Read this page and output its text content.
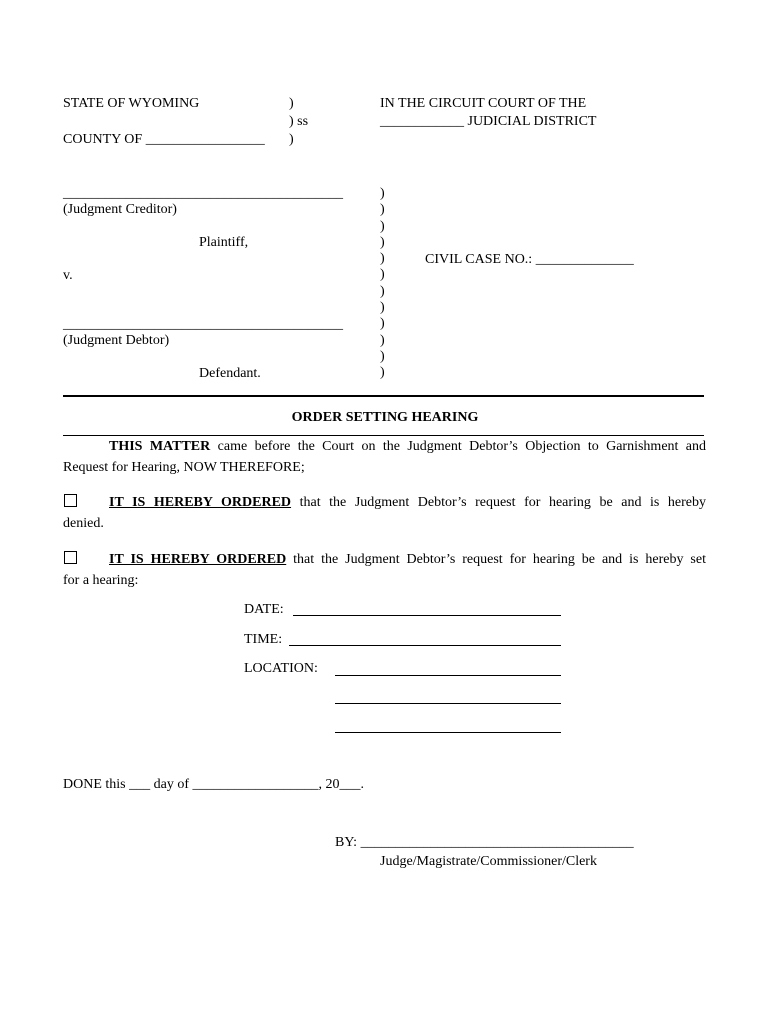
STATE OF WYOMING
COUNTY OF _________________
)
) ss
)
IN THE CIRCUIT COURT OF THE
____________ JUDICIAL DISTRICT
________________________________________
(Judgment Creditor)
Plaintiff,
v.
________________________________________
(Judgment Debtor)
Defendant.
)
)
)
)
)
)
)
)
)
)
)
)
CIVIL CASE NO.: ______________
ORDER SETTING HEARING
THIS MATTER came before the Court on the Judgment Debtor’s Objection to Garnishment and
Request for Hearing, NOW THEREFORE;
IT IS HEREBY ORDERED that the Judgment Debtor’s request for hearing be and is hereby
denied.
IT IS HEREBY ORDERED that the Judgment Debtor’s request for hearing be and is hereby set
for a hearing:
DATE:
TIME:
LOCATION:
DONE this ___ day of __________________, 20___.
BY: _______________________________________
Judge/Magistrate/Commissioner/Clerk
